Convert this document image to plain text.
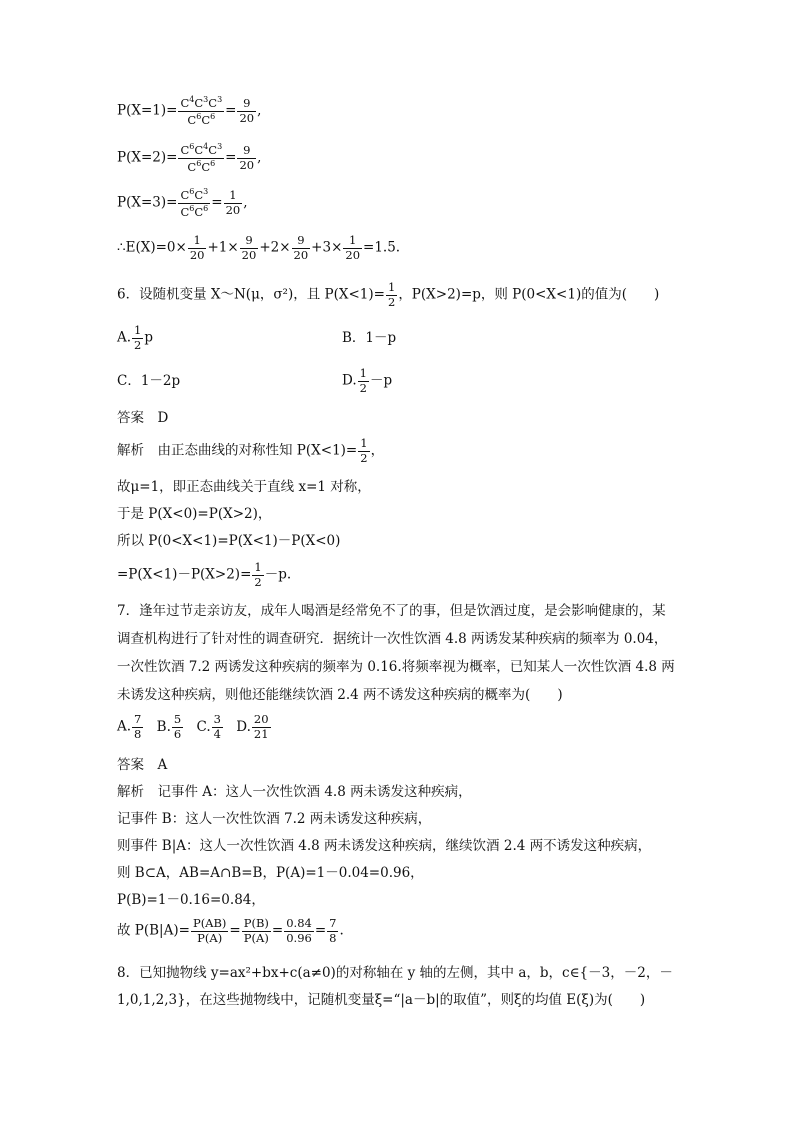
$P(X=1)= \frac{C^4C^3C^3}{C^6C^6} = \frac{9}{20}$ ,
$P(X=2)= \frac{C^6C^4C^3}{C^6C^6} = \frac{9}{20}$ ,
$P(X=3)= \frac{C^6C^3}{C^6C^6} = \frac{1}{20}$ ,
∴E(X)=0× $\frac{1}{20} +1\times \frac{9}{20} +2\times \frac{9}{20} +3\times \frac{1}{20} =1.5$.
6．设随机变量 X～N(μ，σ²)，且 $P(X<1)= \frac{1}{2}$ ，P(X>2)=p，则 P(0<X<1)的值为(　　)
A. $\frac{1}{2}$ p	B．1－p
C．1－2p	D. $\frac{1}{2} -p$
答案　D
解析　由正态曲线的对称性知 $P(X<1)= \frac{1}{2}$ ，
故μ=1，即正态曲线关于直线 x=1 对称，
于是 P(X<0)=P(X>2)，
所以 P(0<X<1)=P(X<1)－P(X<0)
$=P(X<1)-P(X>2)= \frac{1}{2} -p$.
7．逢年过节走亲访友，成年人喝酒是经常免不了的事，但是饮酒过度，是会影响健康的，某
调查机构进行了针对性的调查研究．据统计一次性饮酒 4.8 两诱发某种疾病的频率为 0.04，
一次性饮酒 7.2 两诱发这种疾病的频率为 0.16.将频率视为概率，已知某人一次性饮酒 4.8 两
未诱发这种疾病，则他还能继续饮酒 2.4 两不诱发这种疾病的概率为(　　)
A. $\frac{7}{8} B$. $\frac{5}{6} C$. $\frac{3}{4} D$. $\frac{20}{21}$
答案　A
解析　记事件 A：这人一次性饮酒 4.8 两未诱发这种疾病，
记事件 B：这人一次性饮酒 7.2 两未诱发这种疾病，
则事件 B|A：这人一次性饮酒 4.8 两未诱发这种疾病，继续饮酒 2.4 两不诱发这种疾病，
则 B⊂A，AB=A∩B=B，P(A)=1－0.04=0.96，
P(B)=1－0.16=0.84，
故 $P(B|A)= \frac{P(AB)}{P(A)} = \frac{P(B)}{P(A)} = \frac{0.84}{0.96} = \frac{7}{8}$ .
8．已知抛物线 y=ax²+bx+c(a≠0)的对称轴在 y 轴的左侧，其中 a，b，c∈{－3，－2，－
1,0,1,2,3}，在这些抛物线中，记随机变量ξ=“|a－b|的取值”，则ξ的均值 E(ξ)为(　　)
